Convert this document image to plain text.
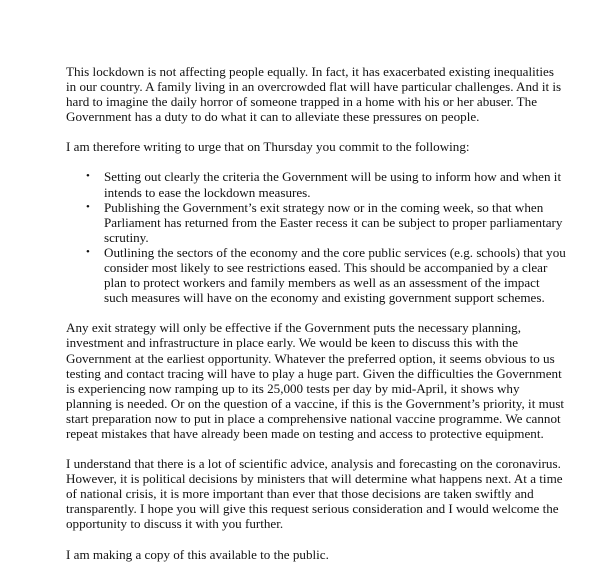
This lockdown is not affecting people equally. In fact, it has exacerbated existing inequalities in our country. A family living in an overcrowded flat will have particular challenges. And it is hard to imagine the daily horror of someone trapped in a home with his or her abuser. The Government has a duty to do what it can to alleviate these pressures on people.

I am therefore writing to urge that on Thursday you commit to the following:

• Setting out clearly the criteria the Government will be using to inform how and when it intends to ease the lockdown measures.
• Publishing the Government’s exit strategy now or in the coming week, so that when Parliament has returned from the Easter recess it can be subject to proper parliamentary scrutiny.
• Outlining the sectors of the economy and the core public services (e.g. schools) that you consider most likely to see restrictions eased. This should be accompanied by a clear plan to protect workers and family members as well as an assessment of the impact such measures will have on the economy and existing government support schemes.

Any exit strategy will only be effective if the Government puts the necessary planning, investment and infrastructure in place early. We would be keen to discuss this with the Government at the earliest opportunity. Whatever the preferred option, it seems obvious to us testing and contact tracing will have to play a huge part. Given the difficulties the Government is experiencing now ramping up to its 25,000 tests per day by mid-April, it shows why planning is needed. Or on the question of a vaccine, if this is the Government’s priority, it must start preparation now to put in place a comprehensive national vaccine programme. We cannot repeat mistakes that have already been made on testing and access to protective equipment.

I understand that there is a lot of scientific advice, analysis and forecasting on the coronavirus. However, it is political decisions by ministers that will determine what happens next. At a time of national crisis, it is more important than ever that those decisions are taken swiftly and transparently. I hope you will give this request serious consideration and I would welcome the opportunity to discuss it with you further.

I am making a copy of this available to the public.
